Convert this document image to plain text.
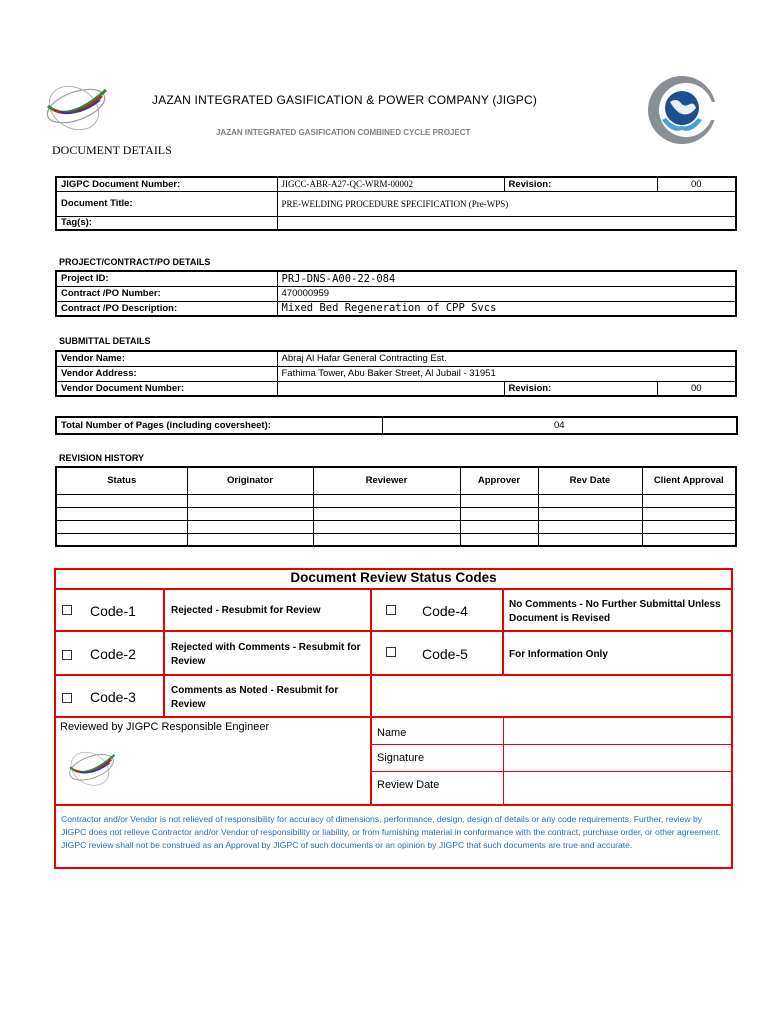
JAZAN INTEGRATED GASIFICATION & POWER COMPANY (JIGPC)
JAZAN INTEGRATED GASIFICATION COMBINED CYCLE PROJECT
DOCUMENT DETAILS
JIGPC Document Number:	JIGCC-ABR-A27-QC-WRM-00002	Revision:	00
Document Title:	PRE-WELDING PROCEDURE SPECIFICATION (Pre-WPS)		
Tag(s):			
PROJECT/CONTRACT/PO DETAILS
Project ID:	PRJ-DNS-A00-22-084
Contract /PO Number:	470000959
Contract /PO Description:	Mixed Bed Regeneration of CPP Svcs
SUBMITTAL DETAILS
Vendor Name:	Abraj Al Hafar General Contracting Est.		
Vendor Address:	Fathima Tower, Abu Baker Street, Al Jubail - 31951		
Vendor Document Number:		Revision:	00
Total Number of Pages (including coversheet):	04
REVISION HISTORY
Status	Originator	Reviewer	Approver	Rev Date	Client Approval

Document Review Status Codes
Code-1	Rejected - Resubmit for Review
Code-2	Rejected with Comments - Resubmit for Review
Code-3	Comments as Noted - Resubmit for Review
Code-4	No Comments - No Further Submittal Unless Document is Revised
Code-5	For Information Only
Reviewed by JIGPC Responsible Engineer	Name
Signature
Review Date
Contractor and/or Vendor is not relieved of responsibility for accuracy of dimensions, performance, design, design of details or any code requirements. Further, review by JIGPC does not relieve Contractor and/or Vendor of responsibility or liability, or from furnishing material in conformance with the contract, purchase order, or other agreement. JIGPC review shall not be construed as an Approval by JIGPC of such documents or an opinion by JIGPC that such documents are true and accurate.
